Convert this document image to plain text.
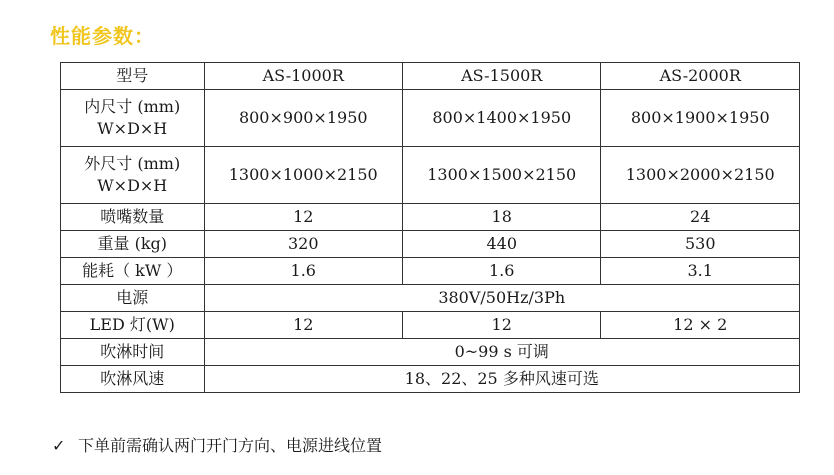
性能参数：
型号	AS-1000R	AS-1500R	AS-2000R

内尺寸 (mm)
W×D×H	800×900×1950	800×1400×1950	800×1900×1950

外尺寸 (mm)
W×D×H	1300×1000×2150	1300×1500×2150	1300×2000×2150
喷嘴数量	12	18	24
重量 (kg)	320	440	530
能耗（ kW ）	1.6	1.6	3.1
电源	380V/50Hz/3Ph		
LED 灯(W)	12	12	12 × 2
吹淋时间	0~99 s 可调		
吹淋风速	18、22、25 多种风速可选		
✓ 下单前需确认两门开门方向、电源进线位置
